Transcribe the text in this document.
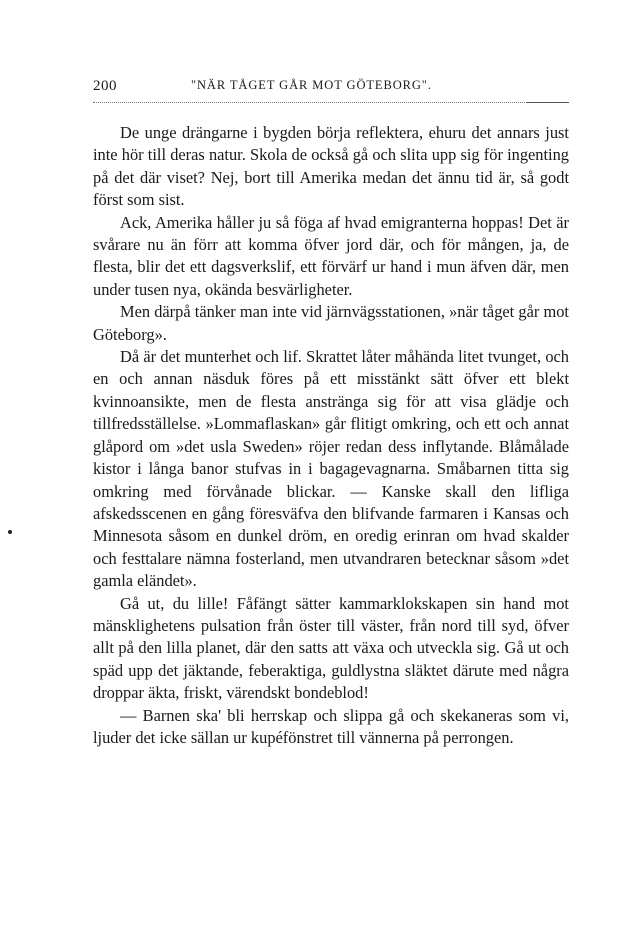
200	"NÄR TÅGET GÅR MOT GÖTEBORG".

De unge drängarne i bygden börja reflektera, ehuru det annars just inte hör till deras natur. Skola de också gå och slita upp sig för ingenting på det där viset? Nej, bort till Amerika medan det ännu tid är, så godt först som sist.

Ack, Amerika håller ju så föga af hvad emigranterna hoppas! Det är svårare nu än förr att komma öfver jord där, och för mången, ja, de flesta, blir det ett dagsverkslif, ett förvärf ur hand i mun äfven där, men under tusen nya, okända besvärligheter.

Men därpå tänker man inte vid järnvägsstationen, »när tåget går mot Göteborg».

Då är det munterhet och lif. Skrattet låter måhända litet tvunget, och en och annan näsduk föres på ett misstänkt sätt öfver ett blekt kvinnoansikte, men de flesta anstränga sig för att visa glädje och tillfredsställelse. »Lommaflaskan» går flitigt omkring, och ett och annat glåpord om »det usla Sweden» röjer redan dess inflytande. Blåmålade kistor i långa banor stufvas in i bagagevagnarna. Småbarnen titta sig omkring med förvånade blickar. — Kanske skall den lifliga afskedsscenen en gång föresväfva den blifvande farmaren i Kansas och Minnesota såsom en dunkel dröm, en oredig erinran om hvad skalder och festtalare nämna fosterland, men utvandraren betecknar såsom »det gamla eländet».

Gå ut, du lille! Fåfängt sätter kammarklokskapen sin hand mot mänsklighetens pulsation från öster till väster, från nord till syd, öfver allt på den lilla planet, där den satts att växa och utveckla sig. Gå ut och späd upp det jäktande, feberaktiga, guldlystna släktet därute med några droppar äkta, friskt, värendskt bondeblod!

— Barnen ska' bli herrskap och slippa gå och skekaneras som vi, ljuder det icke sällan ur kupéfönstret till vännerna på perrongen.
